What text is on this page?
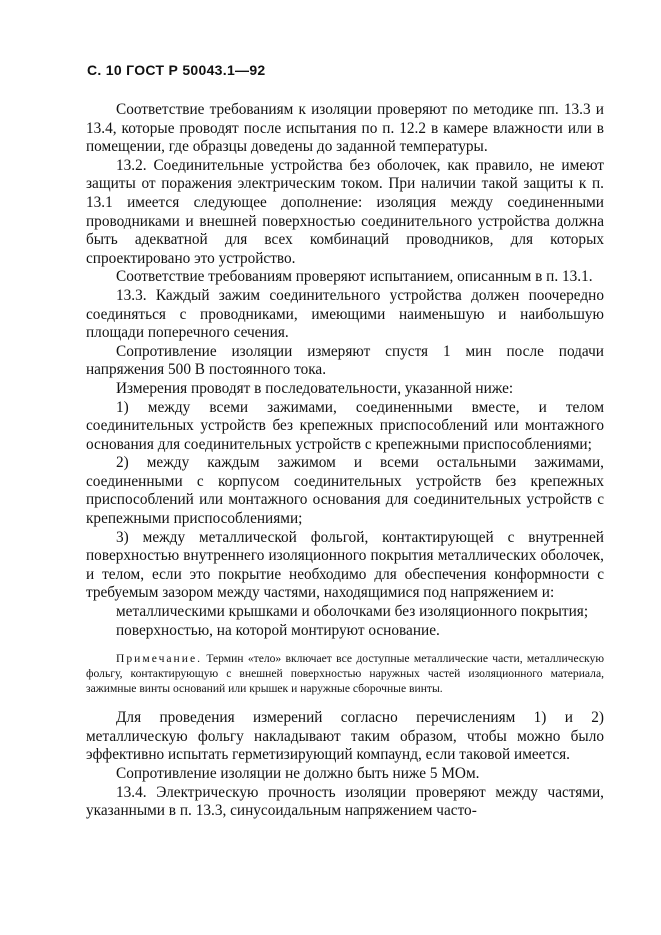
С. 10 ГОСТ Р 50043.1—92

Соответствие требованиям к изоляции проверяют по методике пп. 13.3 и 13.4, которые проводят после испытания по п. 12.2 в камере влажности или в помещении, где образцы доведены до заданной температуры.

13.2. Соединительные устройства без оболочек, как правило, не имеют защиты от поражения электрическим током. При наличии такой защиты к п. 13.1 имеется следующее дополнение: изоляция между соединенными проводниками и внешней поверхностью соединительного устройства должна быть адекватной для всех комбинаций проводников, для которых спроектировано это устройство.

Соответствие требованиям проверяют испытанием, описанным в п. 13.1.

13.3. Каждый зажим соединительного устройства должен поочередно соединяться с проводниками, имеющими наименьшую и наибольшую площади поперечного сечения.

Сопротивление изоляции измеряют спустя 1 мин после подачи напряжения 500 В постоянного тока.

Измерения проводят в последовательности, указанной ниже:

1) между всеми зажимами, соединенными вместе, и телом соединительных устройств без крепежных приспособлений или монтажного основания для соединительных устройств с крепежными приспособлениями;

2) между каждым зажимом и всеми остальными зажимами, соединенными с корпусом соединительных устройств без крепежных приспособлений или монтажного основания для соединительных устройств с крепежными приспособлениями;

3) между металлической фольгой, контактирующей с внутренней поверхностью внутреннего изоляционного покрытия металлических оболочек, и телом, если это покрытие необходимо для обеспечения конформности с требуемым зазором между частями, находящимися под напряжением и:

металлическими крышками и оболочками без изоляционного покрытия;

поверхностью, на которой монтируют основание.

Примечание. Термин «тело» включает все доступные металлические части, металлическую фольгу, контактирующую с внешней поверхностью наружных частей изоляционного материала, зажимные винты оснований или крышек и наружные сборочные винты.

Для проведения измерений согласно перечислениям 1) и 2) металлическую фольгу накладывают таким образом, чтобы можно было эффективно испытать герметизирующий компаунд, если таковой имеется.

Сопротивление изоляции не должно быть ниже 5 МОм.

13.4. Электрическую прочность изоляции проверяют между частями, указанными в п. 13.3, синусоидальным напряжением часто-
